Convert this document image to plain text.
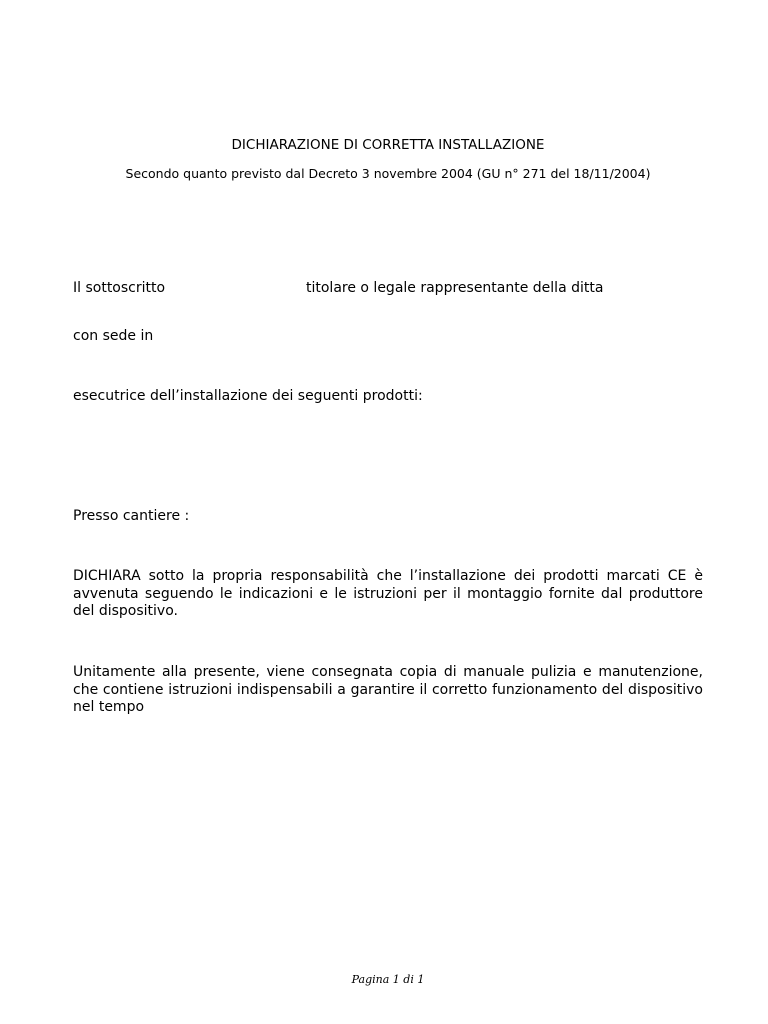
DICHIARAZIONE DI CORRETTA INSTALLAZIONE
Secondo quanto previsto dal Decreto 3 novembre 2004 (GU n° 271 del 18/11/2004)
Il sottoscritto	titolare o legale rappresentante della ditta
con sede in
esecutrice dell’installazione dei seguenti prodotti:
Presso cantiere :
DICHIARA sotto la propria responsabilità che l’installazione dei prodotti marcati CE è avvenuta seguendo le indicazioni e le istruzioni per il montaggio fornite dal produttore del dispositivo.
Unitamente alla presente, viene consegnata copia di manuale pulizia e manutenzione, che contiene istruzioni indispensabili a garantire il corretto funzionamento del dispositivo nel tempo
Pagina 1 di 1
